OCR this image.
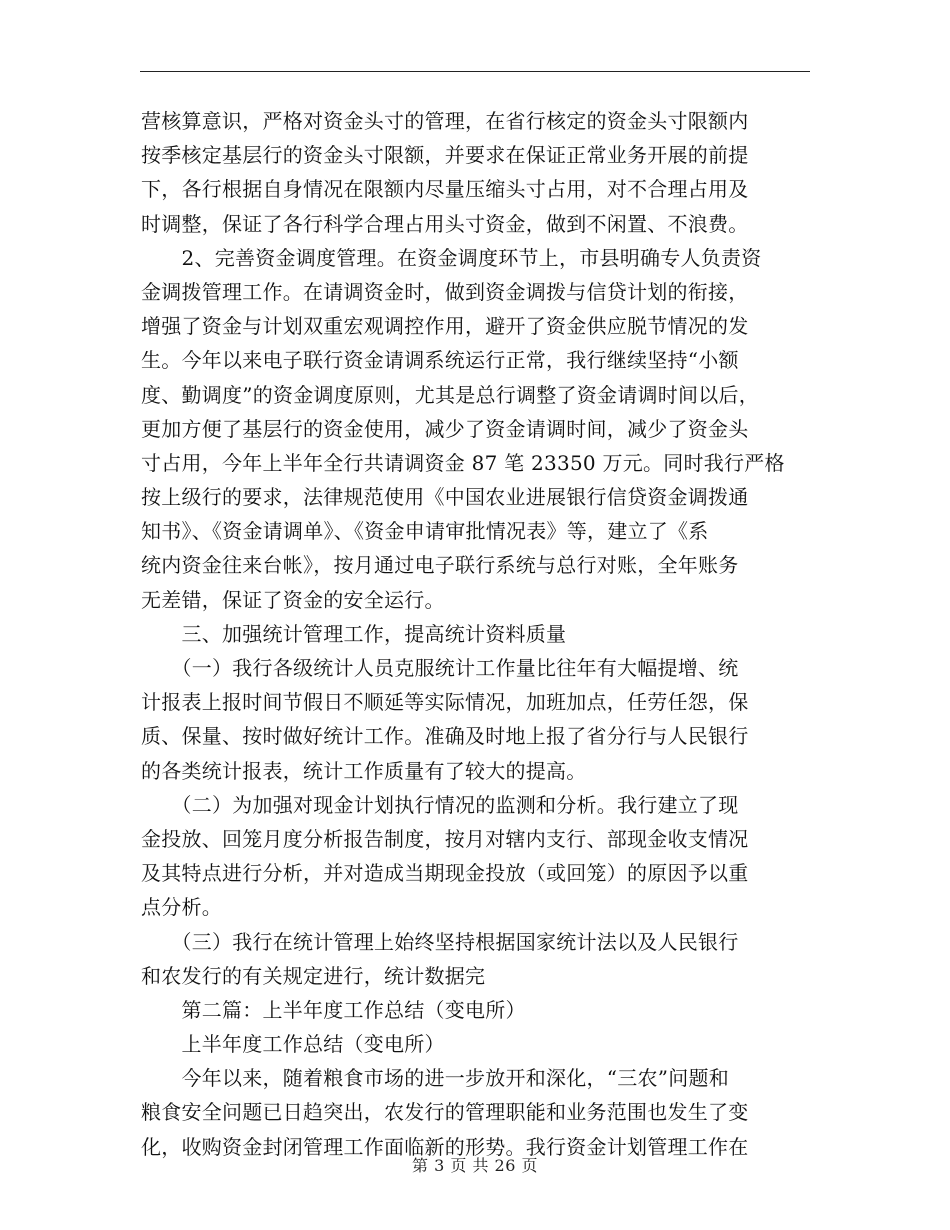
营核算意识，严格对资金头寸的管理，在省行核定的资金头寸限额内
按季核定基层行的资金头寸限额，并要求在保证正常业务开展的前提
下，各行根据自身情况在限额内尽量压缩头寸占用，对不合理占用及
时调整，保证了各行科学合理占用头寸资金，做到不闲置、不浪费。
　　2、完善资金调度管理。在资金调度环节上，市县明确专人负责资
金调拨管理工作。在请调资金时，做到资金调拨与信贷计划的衔接，
增强了资金与计划双重宏观调控作用，避开了资金供应脱节情况的发
生。今年以来电子联行资金请调系统运行正常，我行继续坚持“小额
度、勤调度”的资金调度原则，尤其是总行调整了资金请调时间以后，
更加方便了基层行的资金使用，减少了资金请调时间，减少了资金头
寸占用，今年上半年全行共请调资金 87 笔 23350 万元。同时我行严格
按上级行的要求，法律规范使用《中国农业进展银行信贷资金调拨通
知书》、《资金请调单》、《资金申请审批情况表》等，建立了《系
统内资金往来台帐》，按月通过电子联行系统与总行对账，全年账务
无差错，保证了资金的安全运行。
　　三、加强统计管理工作，提高统计资料质量
　　（一）我行各级统计人员克服统计工作量比往年有大幅提增、统
计报表上报时间节假日不顺延等实际情况，加班加点，任劳任怨，保
质、保量、按时做好统计工作。准确及时地上报了省分行与人民银行
的各类统计报表，统计工作质量有了较大的提高。
　　（二）为加强对现金计划执行情况的监测和分析。我行建立了现
金投放、回笼月度分析报告制度，按月对辖内支行、部现金收支情况
及其特点进行分析，并对造成当期现金投放（或回笼）的原因予以重
点分析。
　　（三）我行在统计管理上始终坚持根据国家统计法以及人民银行
和农发行的有关规定进行，统计数据完
　　第二篇：上半年度工作总结（变电所）
　　上半年度工作总结（变电所）
　　今年以来，随着粮食市场的进一步放开和深化，“三农”问题和
粮食安全问题已日趋突出，农发行的管理职能和业务范围也发生了变
化，收购资金封闭管理工作面临新的形势。我行资金计划管理工作在
第 3 页 共 26 页
